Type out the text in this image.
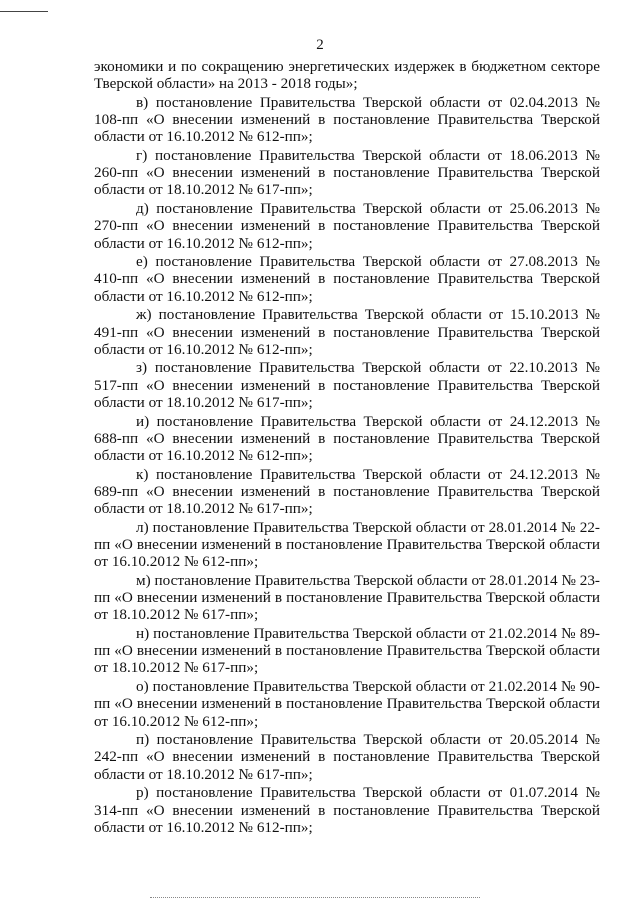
2

экономики и по сокращению энергетических издержек в бюджетном секторе Тверской области» на 2013 - 2018 годы»;

в) постановление Правительства Тверской области от 02.04.2013 № 108-пп «О внесении изменений в постановление Правительства Тверской области от 16.10.2012 № 612-пп»;

г) постановление Правительства Тверской области от 18.06.2013 № 260-пп «О внесении изменений в постановление Правительства Тверской области от 18.10.2012 № 617-пп»;

д) постановление Правительства Тверской области от 25.06.2013 № 270-пп «О внесении изменений в постановление Правительства Тверской области от 16.10.2012 № 612-пп»;

е) постановление Правительства Тверской области от 27.08.2013 № 410-пп «О внесении изменений в постановление Правительства Тверской области от 16.10.2012 № 612-пп»;

ж) постановление Правительства Тверской области от 15.10.2013 № 491-пп «О внесении изменений в постановление Правительства Тверской области от 16.10.2012 № 612-пп»;

з) постановление Правительства Тверской области от 22.10.2013 № 517-пп «О внесении изменений в постановление Правительства Тверской области от 18.10.2012 № 617-пп»;

и) постановление Правительства Тверской области от 24.12.2013 № 688-пп «О внесении изменений в постановление Правительства Тверской области от 16.10.2012 № 612-пп»;

к) постановление Правительства Тверской области от 24.12.2013 № 689-пп «О внесении изменений в постановление Правительства Тверской области от 18.10.2012 № 617-пп»;

л) постановление Правительства Тверской области от 28.01.2014 № 22-пп «О внесении изменений в постановление Правительства Тверской области от 16.10.2012 № 612-пп»;

м) постановление Правительства Тверской области от 28.01.2014 № 23-пп «О внесении изменений в постановление Правительства Тверской области от 18.10.2012 № 617-пп»;

н) постановление Правительства Тверской области от 21.02.2014 № 89-пп «О внесении изменений в постановление Правительства Тверской области от 18.10.2012 № 617-пп»;

о) постановление Правительства Тверской области от 21.02.2014 № 90-пп «О внесении изменений в постановление Правительства Тверской области от 16.10.2012 № 612-пп»;

п) постановление Правительства Тверской области от 20.05.2014 № 242-пп «О внесении изменений в постановление Правительства Тверской области от 18.10.2012 № 617-пп»;

р) постановление Правительства Тверской области от 01.07.2014 № 314-пп «О внесении изменений в постановление Правительства Тверской области от 16.10.2012 № 612-пп»;
